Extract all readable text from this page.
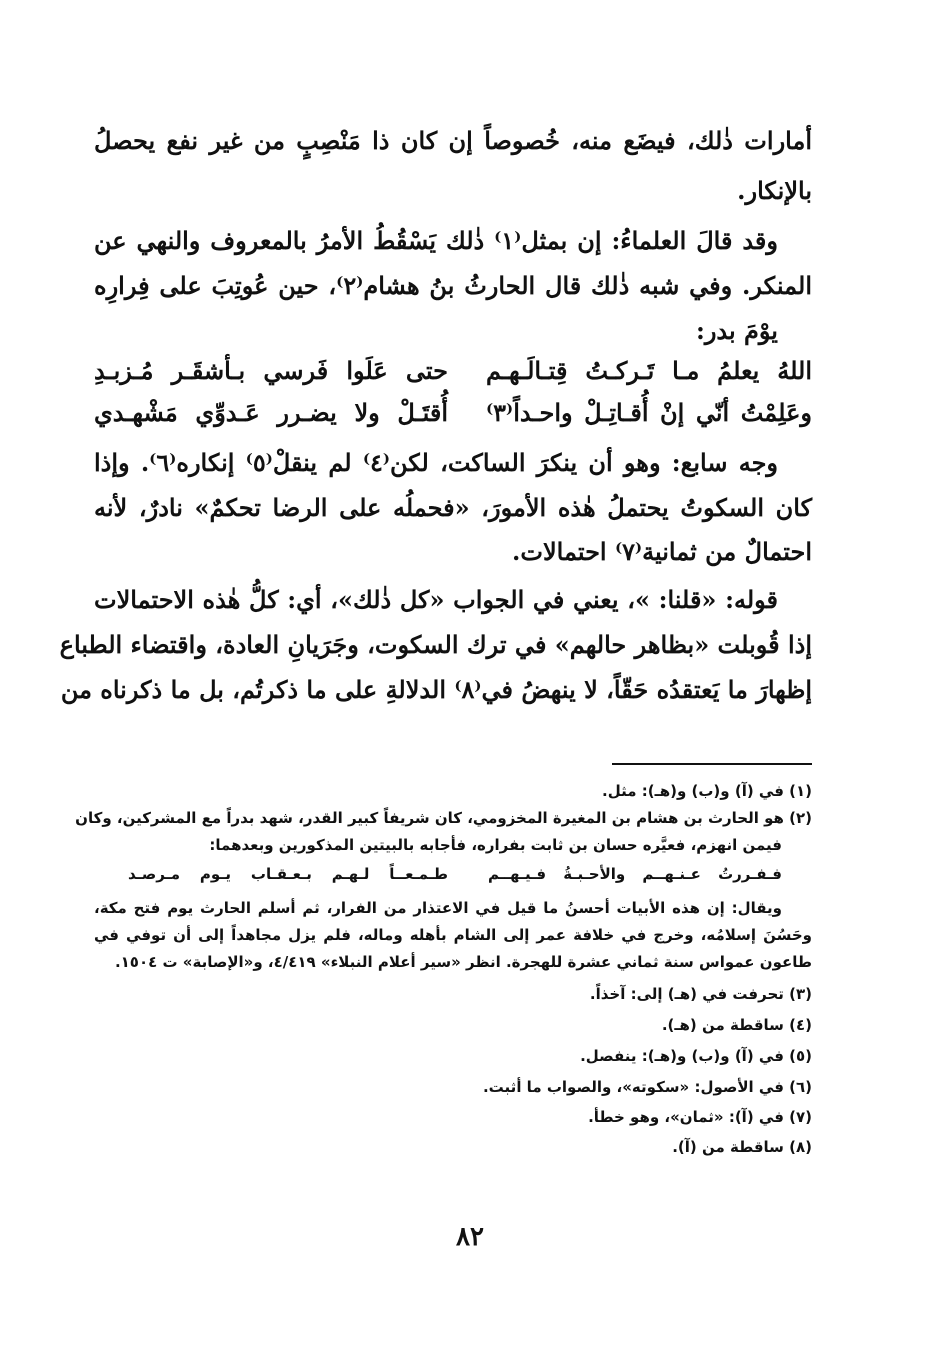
أمارات ذٰلك، فيضَع منه، خُصوصاً إن كان ذا مَنْصِبٍ من غير نفع يحصلُ
بالإنكار.
وقد قالَ العلماءُ: إن بمثل⁽١⁾ ذٰلك يَسْقُطُ الأمرُ بالمعروف والنهي عن
المنكر. وفي شبه ذٰلك قال الحارثُ بنُ هشام⁽٢⁾، حين عُوتِبَ على فِرارِه
يوْمَ بدر:
اللهُ يعلمُ مـا تَـركـتُ قِتـالَـهـم
حتى عَلَوا فَرسي بـأشقَـر مُـزبـدِ
وعَلِمْتُ أنّي إنْ أُقـاتِـلْ واحـداً⁽٣⁾
أُقتَـلْ ولا يضـرر عَـدوِّي مَشْهـدي
وجه سابع: وهو أن ينكرَ الساكت، لكن⁽٤⁾ لم ينقلْ⁽٥⁾ إنكاره⁽٦⁾. وإذا
كان السكوتُ يحتملُ هٰذه الأمورَ، «فحملُه على الرضا تحكمٌ» نادرٌ، لأنه
احتمالٌ من ثمانية⁽٧⁾ احتمالات.
قوله: «قلنا: »، يعني في الجواب «كل ذٰلك»، أي: كلُّ هٰذه الاحتمالات
إذا قُوبلت «بظاهر حالهم» في ترك السكوت، وجَرَيانِ العادة، واقتضاء الطباع
إظهارَ ما يَعتقدُه حَقّاً، لا ينهضُ في⁽٨⁾ الدلالةِ على ما ذكرتُم، بل ما ذكرناه من
(١) في (آ) و(ب) و(هـ): مثل.
(٢) هو الحارث بن هشام بن المغيرة المخزومي، كان شريفاً كبير القدر، شهد بدراً مع المشركين، وكان
فيمن انهزم، فعيَّره حسان بن ثابت بفراره، فأجابه بالبيتين المذكورين وبعدهما:
فـفـررتُ عـنـهــم والأحـبـةُ فـيـهــم
طـمـعــاً لـهـم بـعـقـاب يـوم مـرصـد
ويقال: إن هذه الأبيات أحسنُ ما قيل في الاعتذار من الفرار، ثم أسلم الحارث يوم فتح مكة،
وحَسُنَ إسلامُه، وخرج في خلافة عمر إلى الشام بأهله وماله، فلم يزل مجاهداً إلى أن توفي في
طاعون عمواس سنة ثماني عشرة للهجرة. انظر «سير أعلام النبلاء» ٤/٤١٩، و«الإصابة» ت ١٥٠٤.
(٣) تحرفت في (هـ) إلى: آخذاً.
(٤) ساقطة من (هـ).
(٥) في (آ) و(ب) و(هـ): ينفصل.
(٦) في الأصول: «سكوته»، والصواب ما أثبت.
(٧) في (آ): «ثمان»، وهو خطأ.
(٨) ساقطة من (آ).
٨٢
